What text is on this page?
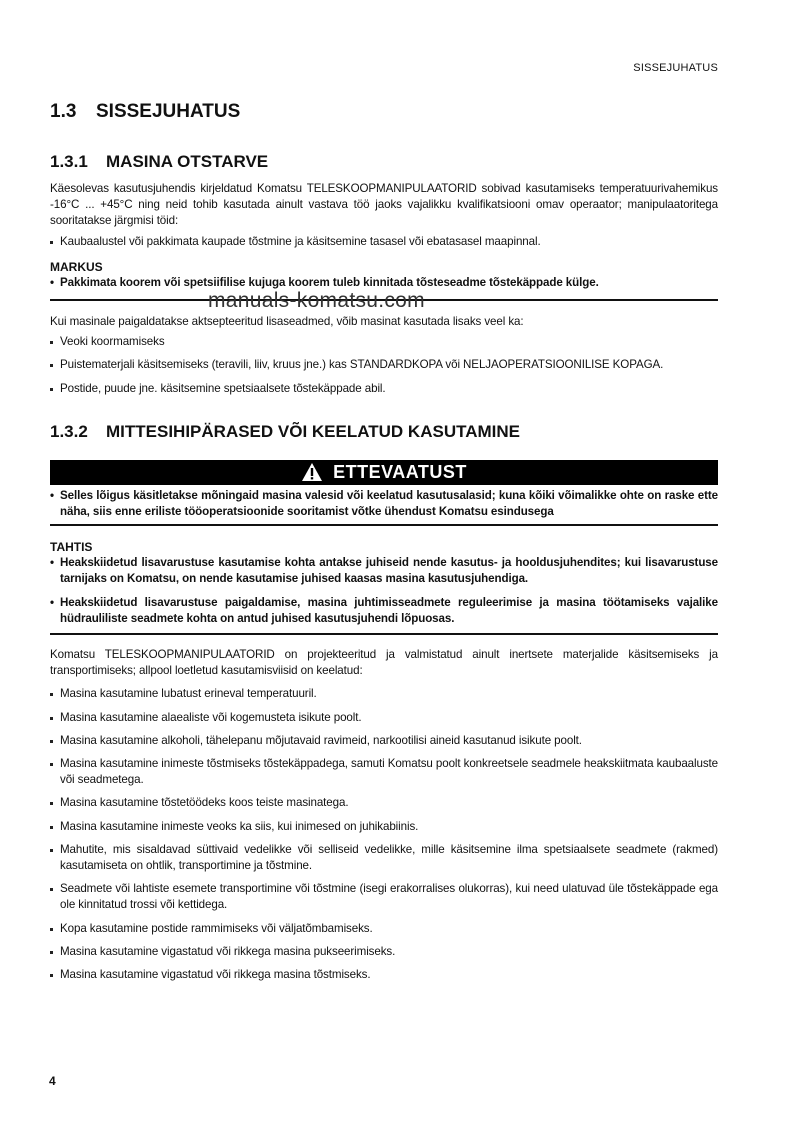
SISSEJUHATUS
1.3 SISSEJUHATUS
1.3.1 MASINA OTSTARVE
Käesolevas kasutusjuhendis kirjeldatud Komatsu TELESKOOPMANIPULAATORID sobivad kasutamiseks temperatuurivahemikus -16°C ... +45°C ning neid tohib kasutada ainult vastava töö jaoks vajalikku kvalifikatsiooni omav operaator; manipulaatoritega sooritatakse järgmisi töid:
Kaubaalustel või pakkimata kaupade tõstmine ja käsitsemine tasasel või ebatasasel maapinnal.
MARKUS
• Pakkimata koorem või spetsiifilise kujuga koorem tuleb kinnitada tõsteseadme tõstekäppade külge.
manuals-komatsu.com
Kui masinale paigaldatakse aktsepteeritud lisaseadmed, võib masinat kasutada lisaks veel ka:
Veoki koormamiseks
Puistematerjali käsitsemiseks (teravili, liiv, kruus jne.) kas STANDARDKOPA või NELJAOPERATSIOONILISE KOPAGA.
Postide, puude jne. käsitsemine spetsiaalsete tõstekäppade abil.
1.3.2 MITTESIHIPÄRASED VÕI KEELATUD KASUTAMINE
ETTEVAATUST
• Selles lõigus käsitletakse mõningaid masina valesid või keelatud kasutusalasid; kuna kõiki võimalikke ohte on raske ette näha, siis enne eriliste tööoperatsioonide sooritamist võtke ühendust Komatsu esindusega
TAHTIS
• Heakskiidetud lisavarustuse kasutamise kohta antakse juhiseid nende kasutus- ja hooldusjuhendites; kui lisavarustuse tarnijaks on Komatsu, on nende kasutamise juhised kaasas masina kasutusjuhendiga.
• Heakskiidetud lisavarustuse paigaldamise, masina juhtimisseadmete reguleerimise ja masina töötamiseks vajalike hüdrauliliste seadmete kohta on antud juhised kasutusjuhendi lõpuosas.
Komatsu TELESKOOPMANIPULAATORID on projekteeritud ja valmistatud ainult inertsete materjalide käsitsemiseks ja transportimiseks; allpool loetletud kasutamisviisid on keelatud:
Masina kasutamine lubatust erineval temperatuuril.
Masina kasutamine alaealiste või kogemusteta isikute poolt.
Masina kasutamine alkoholi, tähelepanu mõjutavaid ravimeid, narkootilisi aineid kasutanud isikute poolt.
Masina kasutamine inimeste tõstmiseks tõstekäppadega, samuti Komatsu poolt konkreetsele seadmele heakskiitmata kaubaaluste või seadmetega.
Masina kasutamine tõstetöödeks koos teiste masinatega.
Masina kasutamine inimeste veoks ka siis, kui inimesed on juhikabiinis.
Mahutite, mis sisaldavad süttivaid vedelikke või selliseid vedelikke, mille käsitsemine ilma spetsiaalsete seadmete (rakmed) kasutamiseta on ohtlik, transportimine ja tõstmine.
Seadmete või lahtiste esemete transportimine või tõstmine (isegi erakorralises olukorras), kui need ulatuvad üle tõstekäppade ega ole kinnitatud trossi või kettidega.
Kopa kasutamine postide rammimiseks või väljatõmbamiseks.
Masina kasutamine vigastatud või rikkega masina pukseerimiseks.
Masina kasutamine vigastatud või rikkega masina tõstmiseks.
4
